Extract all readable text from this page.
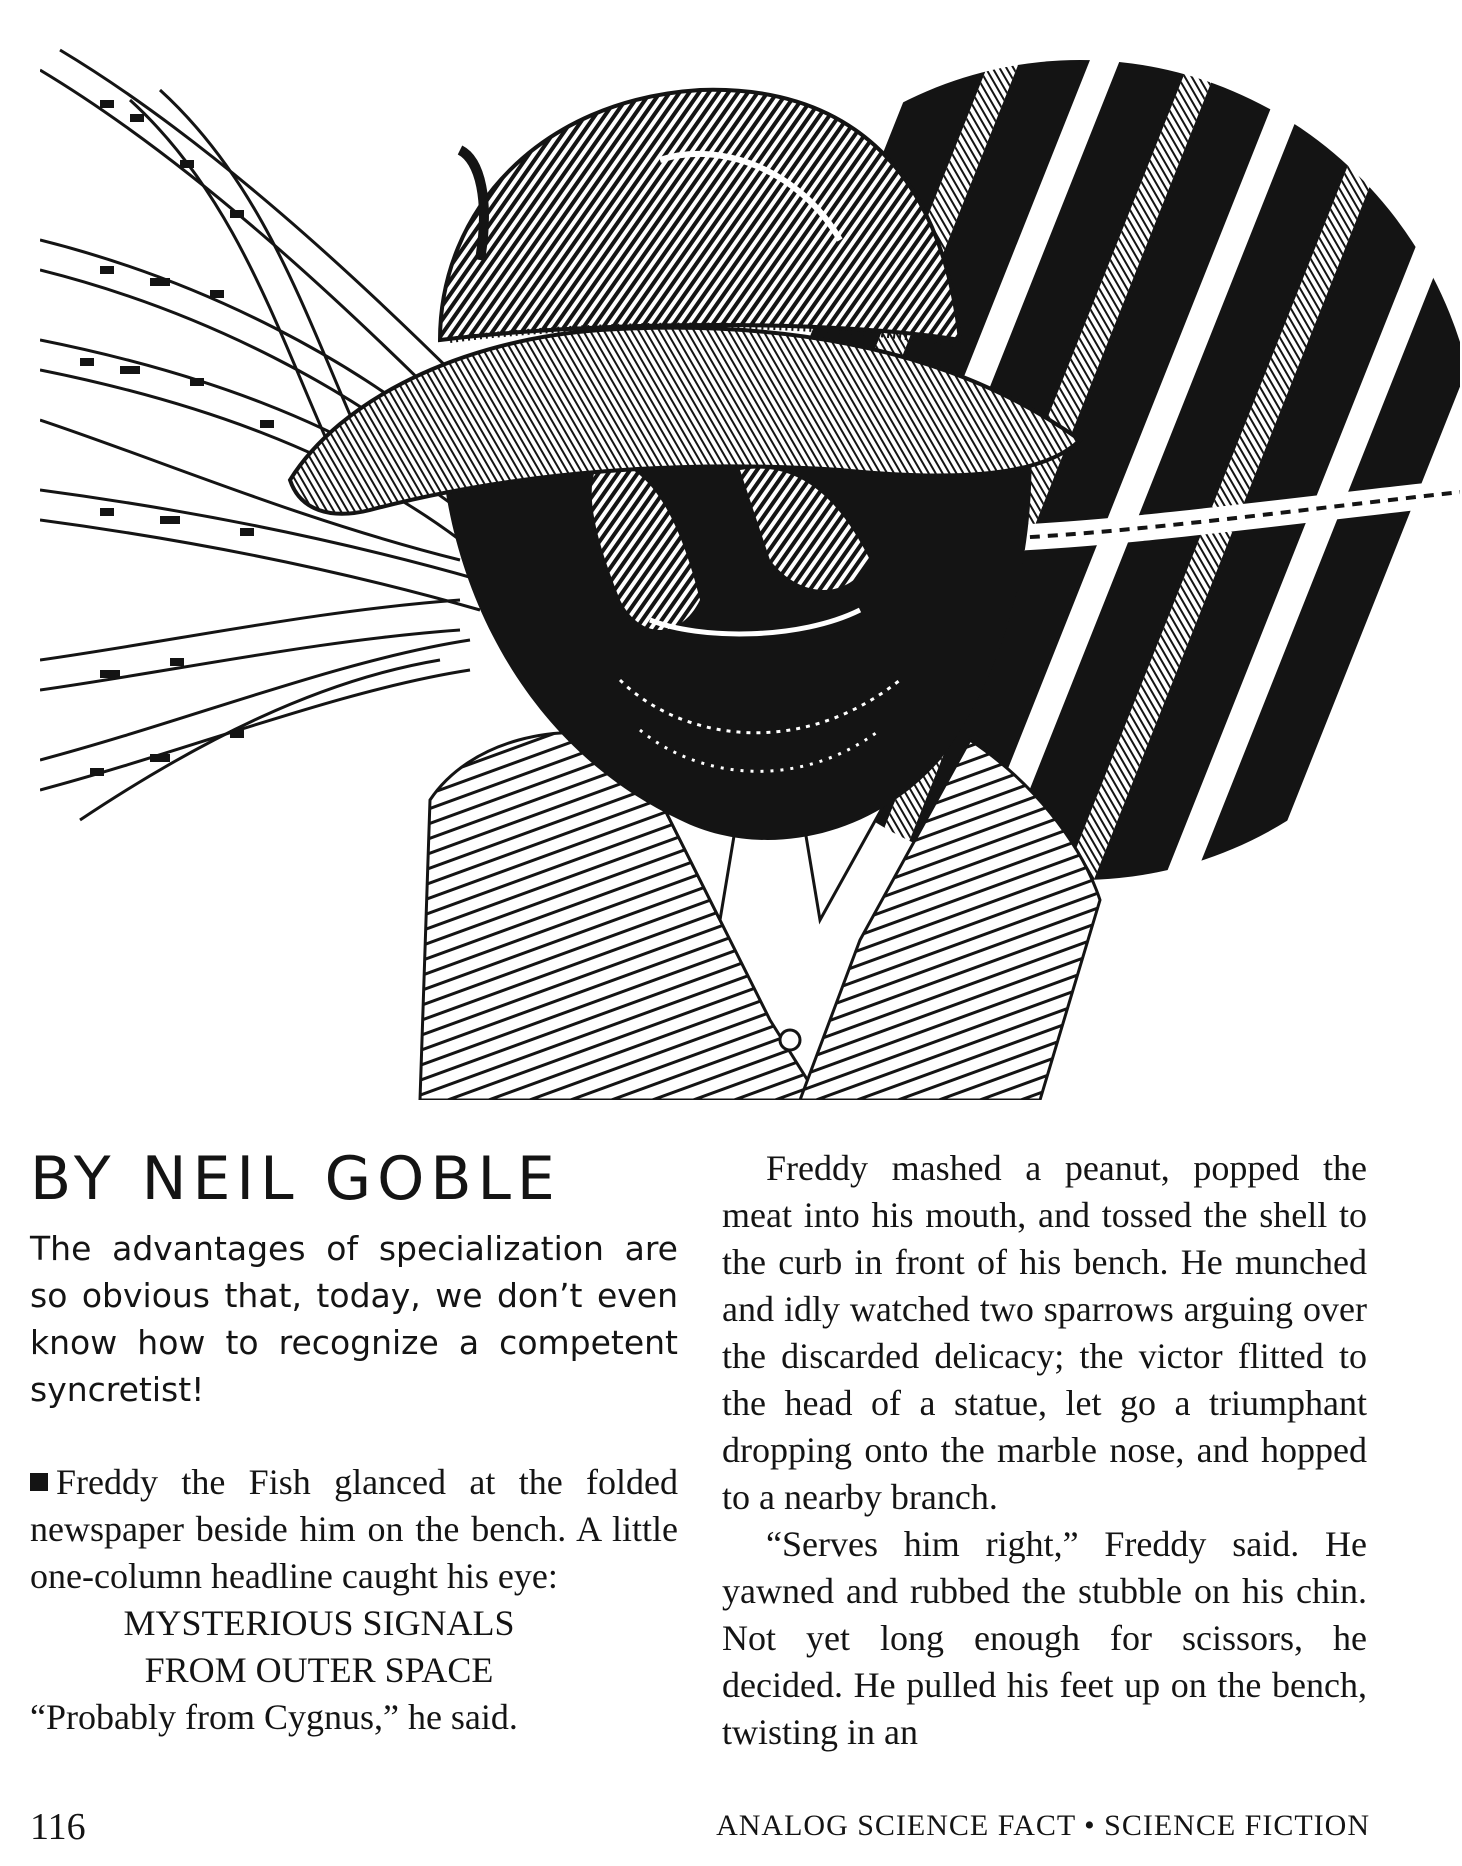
BY NEIL GOBLE

The advantages of specialization are so obvious that, today, we don’t even know how to recognize a competent syncretist!

Freddy the Fish glanced at the folded newspaper beside him on the bench. A little one-column headline caught his eye:

MYSTERIOUS SIGNALS

FROM OUTER SPACE

“Probably from Cygnus,” he said.

Freddy mashed a peanut, popped the meat into his mouth, and tossed the shell to the curb in front of his bench. He munched and idly watched two sparrows arguing over the discarded delicacy; the victor flitted to the head of a statue, let go a triumphant dropping onto the marble nose, and hopped to a nearby branch.

“Serves him right,” Freddy said. He yawned and rubbed the stubble on his chin. Not yet long enough for scissors, he decided. He pulled his feet up on the bench, twisting in an

116	ANALOG SCIENCE FACT • SCIENCE FICTION
